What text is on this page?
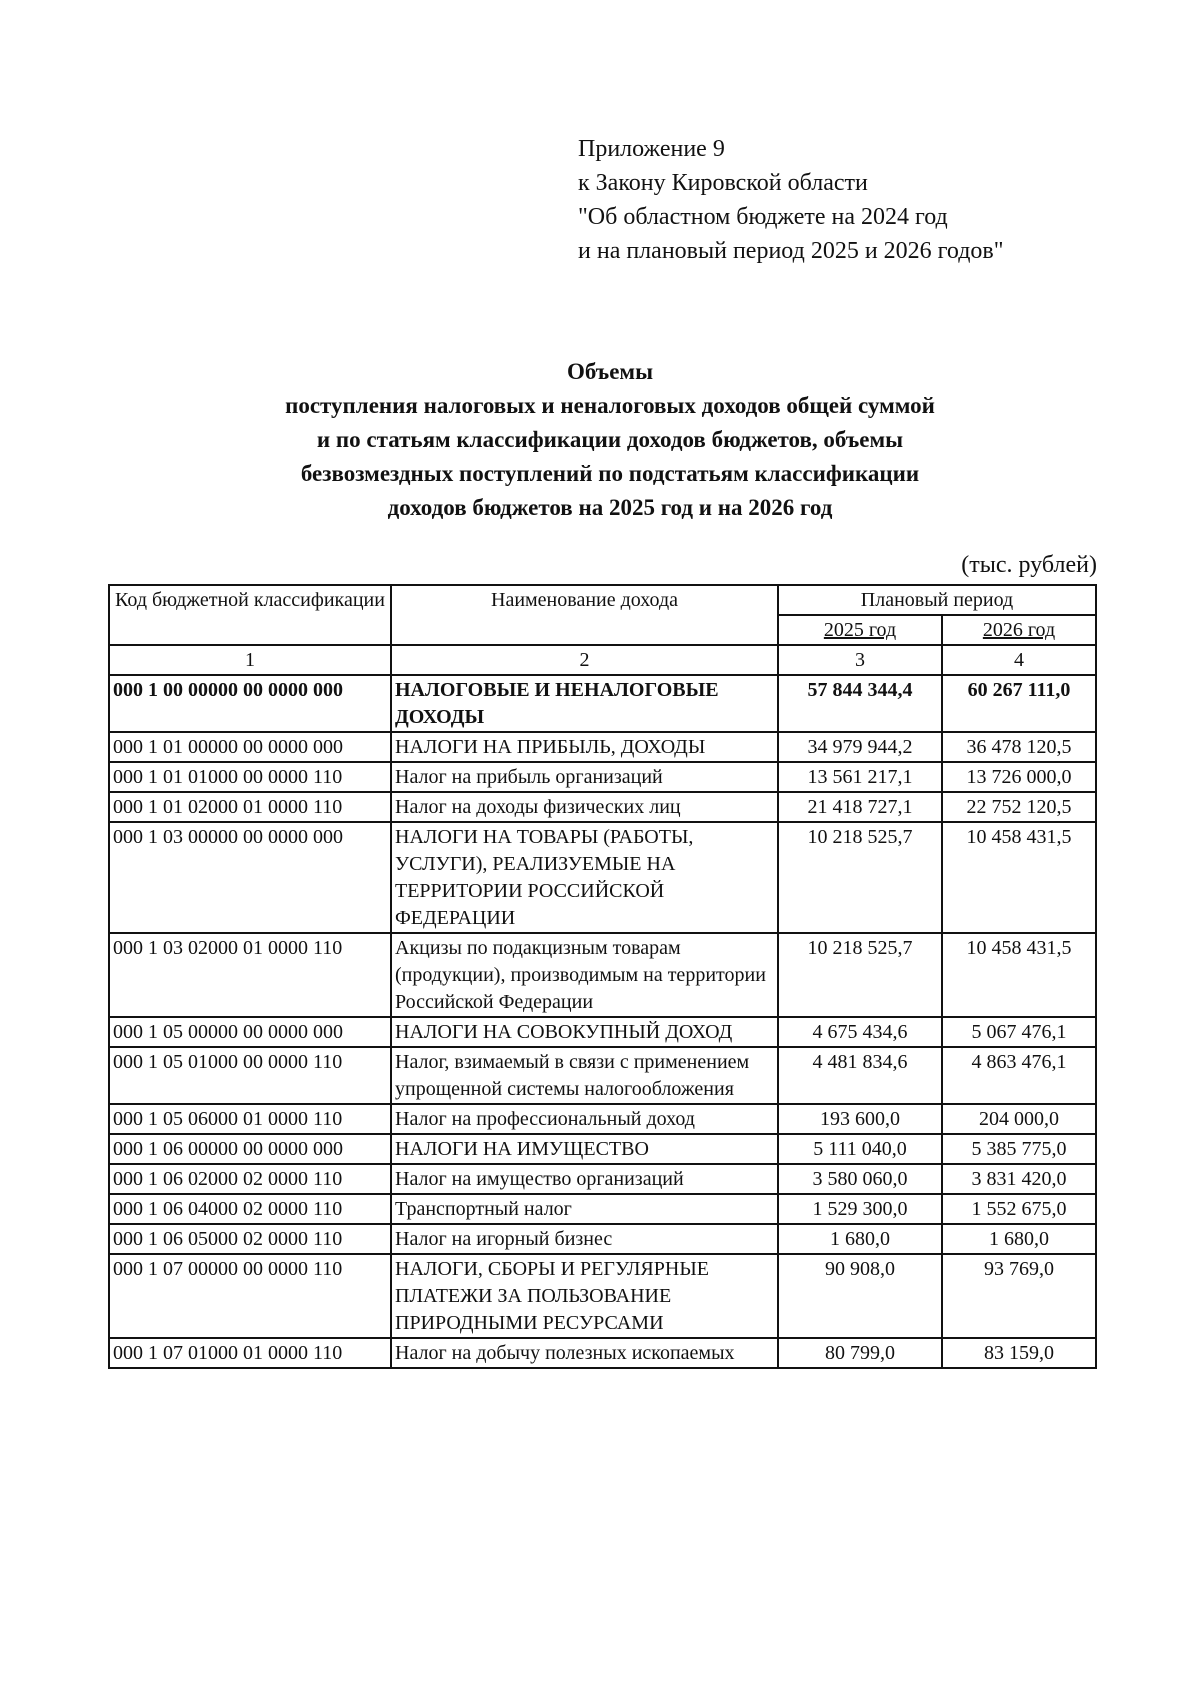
Приложение 9
к Закону Кировской области
"Об областном бюджете на 2024 год
и на плановый период 2025 и 2026 годов"
Объемы
поступления налоговых и неналоговых доходов общей суммой
и по статьям классификации доходов бюджетов, объемы
безвозмездных поступлений по подстатьям классификации
доходов бюджетов на 2025 год и на 2026 год
(тыс. рублей)
Код бюджетной классификации	Наименование дохода	Плановый период	
		2025 год	2026 год
1	2	3	4
000 1 00 00000 00 0000 000	НАЛОГОВЫЕ И НЕНАЛОГОВЫЕ ДОХОДЫ	57 844 344,4	60 267 111,0
000 1 01 00000 00 0000 000	НАЛОГИ НА ПРИБЫЛЬ, ДОХОДЫ	34 979 944,2	36 478 120,5
000 1 01 01000 00 0000 110	Налог на прибыль организаций	13 561 217,1	13 726 000,0
000 1 01 02000 01 0000 110	Налог на доходы физических лиц	21 418 727,1	22 752 120,5
000 1 03 00000 00 0000 000	НАЛОГИ НА ТОВАРЫ (РАБОТЫ, УСЛУГИ), РЕАЛИЗУЕМЫЕ НА ТЕРРИТОРИИ РОССИЙСКОЙ ФЕДЕРАЦИИ	10 218 525,7	10 458 431,5
000 1 03 02000 01 0000 110	Акцизы по подакцизным товарам (продукции), производимым на территории Российской Федерации	10 218 525,7	10 458 431,5
000 1 05 00000 00 0000 000	НАЛОГИ НА СОВОКУПНЫЙ ДОХОД	4 675 434,6	5 067 476,1
000 1 05 01000 00 0000 110	Налог, взимаемый в связи с применением упрощенной системы налогообложения	4 481 834,6	4 863 476,1
000 1 05 06000 01 0000 110	Налог на профессиональный доход	193 600,0	204 000,0
000 1 06 00000 00 0000 000	НАЛОГИ НА ИМУЩЕСТВО	5 111 040,0	5 385 775,0
000 1 06 02000 02 0000 110	Налог на имущество организаций	3 580 060,0	3 831 420,0
000 1 06 04000 02 0000 110	Транспортный налог	1 529 300,0	1 552 675,0
000 1 06 05000 02 0000 110	Налог на игорный бизнес	1 680,0	1 680,0
000 1 07 00000 00 0000 110	НАЛОГИ, СБОРЫ И РЕГУЛЯРНЫЕ ПЛАТЕЖИ ЗА ПОЛЬЗОВАНИЕ ПРИРОДНЫМИ РЕСУРСАМИ	90 908,0	93 769,0
000 1 07 01000 01 0000 110	Налог на добычу полезных ископаемых	80 799,0	83 159,0
